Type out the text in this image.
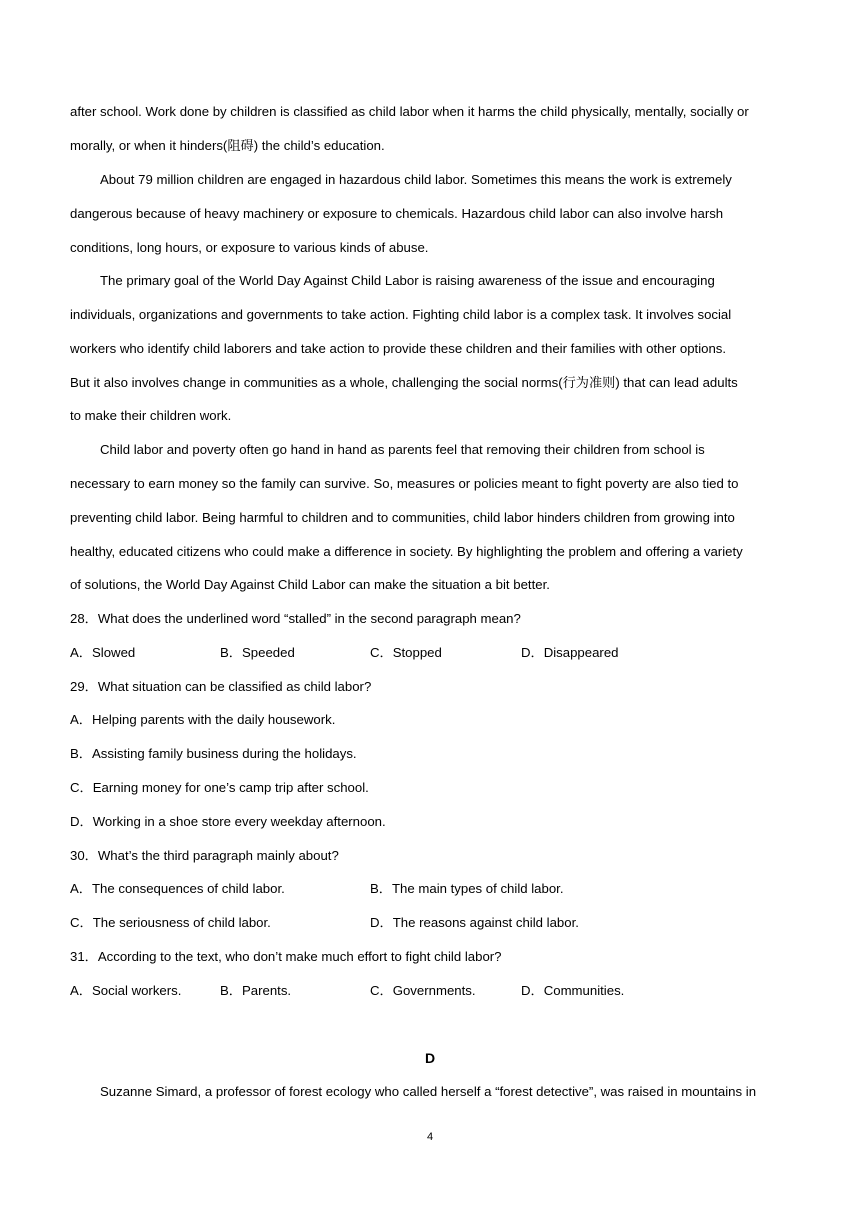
after school. Work done by children is classified as child labor when it harms the child physically, mentally, socially or
morally, or when it hinders(阻碍) the child’s education.
About 79 million children are engaged in hazardous child labor. Sometimes this means the work is extremely
dangerous because of heavy machinery or exposure to chemicals. Hazardous child labor can also involve harsh
conditions, long hours, or exposure to various kinds of abuse.
The primary goal of the World Day Against Child Labor is raising awareness of the issue and encouraging
individuals, organizations and governments to take action. Fighting child labor is a complex task. It involves social
workers who identify child laborers and take action to provide these children and their families with other options.
But it also involves change in communities as a whole, challenging the social norms(行为准则) that can lead adults
to make their children work.
Child labor and poverty often go hand in hand as parents feel that removing their children from school is
necessary to earn money so the family can survive. So, measures or policies meant to fight poverty are also tied to
preventing child labor. Being harmful to children and to communities, child labor hinders children from growing into
healthy, educated citizens who could make a difference in society. By highlighting the problem and offering a variety
of solutions, the World Day Against Child Labor can make the situation a bit better.
28．What does the underlined word “stalled” in the second paragraph mean?
A．Slowed	B．Speeded	C．Stopped	D．Disappeared
29．What situation can be classified as child labor?
A．Helping parents with the daily housework.
B．Assisting family business during the holidays.
C．Earning money for one’s camp trip after school.
D．Working in a shoe store every weekday afternoon.
30．What’s the third paragraph mainly about?
A．The consequences of child labor.	B．The main types of child labor.
C．The seriousness of child labor.	D．The reasons against child labor.
31．According to the text, who don’t make much effort to fight child labor?
A．Social workers.	B．Parents.	C．Governments.	D．Communities.
D
Suzanne Simard, a professor of forest ecology who called herself a “forest detective”, was raised in mountains in
4
